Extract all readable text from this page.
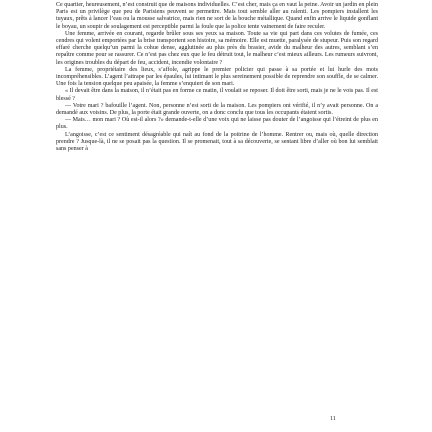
Ce quartier, heureusement, n’est construit que de maisons individuelles. C’est cher, mais ça en vaut la peine. Avoir un jardin en plein Paris est un privilège que peu de Parisiens peuvent se permettre. Mais tout semble aller au ralenti. Les pompiers installent les tuyaux, prêts à lancer l’eau ou la mousse salvatrice, mais rien ne sort de la bouche métallique. Quand enfin arrive le liquide gonflant le boyau, un soupir de soulagement est perceptible parmi la foule que la police tente vainement de faire reculer.

Une femme, arrivée en courant, regarde brûler sous ses yeux sa maison. Toute sa vie qui part dans ces volutes de fumée, ces cendres qui volent emportées par la brise transportent son histoire, sa mémoire. Elle est muette, paralysée de stupeur. Puis son regard effaré cherche quelqu’un parmi la cohue dense, agglutinée au plus près du brasier, avide du malheur des autres, semblant s’en repaître comme pour se rassurer. Ce n’est pas chez eux que le feu détruit tout, le malheur c’est mieux ailleurs. Les rumeurs suivront, les origines troubles du départ de feu, accident, incendie volontaire ?

La femme, propriétaire des lieux, s’affole, agrippe le premier policier qui passe à sa portée et lui hurle des mots incompréhensibles. L’agent l’attrape par les épaules, lui intimant le plus sereinement possible de reprendre son souffle, de se calmer. Une fois la tension quelque peu apaisée, la femme s’enquiert de son mari.

« Il devait être dans la maison, il n’était pas en forme ce matin, il voulait se reposer. Il doit être sorti, mais je ne le vois pas. Il est blessé ?

— Votre mari ? bafouille l’agent. Non, personne n’est sorti de la maison. Les pompiers ont vérifié, il n’y avait personne. On a demandé aux voisins. De plus, la porte était grande ouverte, on a donc conclu que tous les occupants étaient sortis.

— Mais… mon mari ? Où est-il alors ?» demande-t-elle d’une voix qui ne laisse pas douter de l’angoisse qui l’étreint de plus en plus.

L’angoisse, c’est ce sentiment désagréable qui naît au fond de la poitrine de l’homme. Rentrer ou, mais où, quelle direction prendre ? Jusque-là, il ne se posait pas la question. Il se promenait, tout à sa découverte, se sentant libre d’aller où bon lui semblait sans penser à

11
